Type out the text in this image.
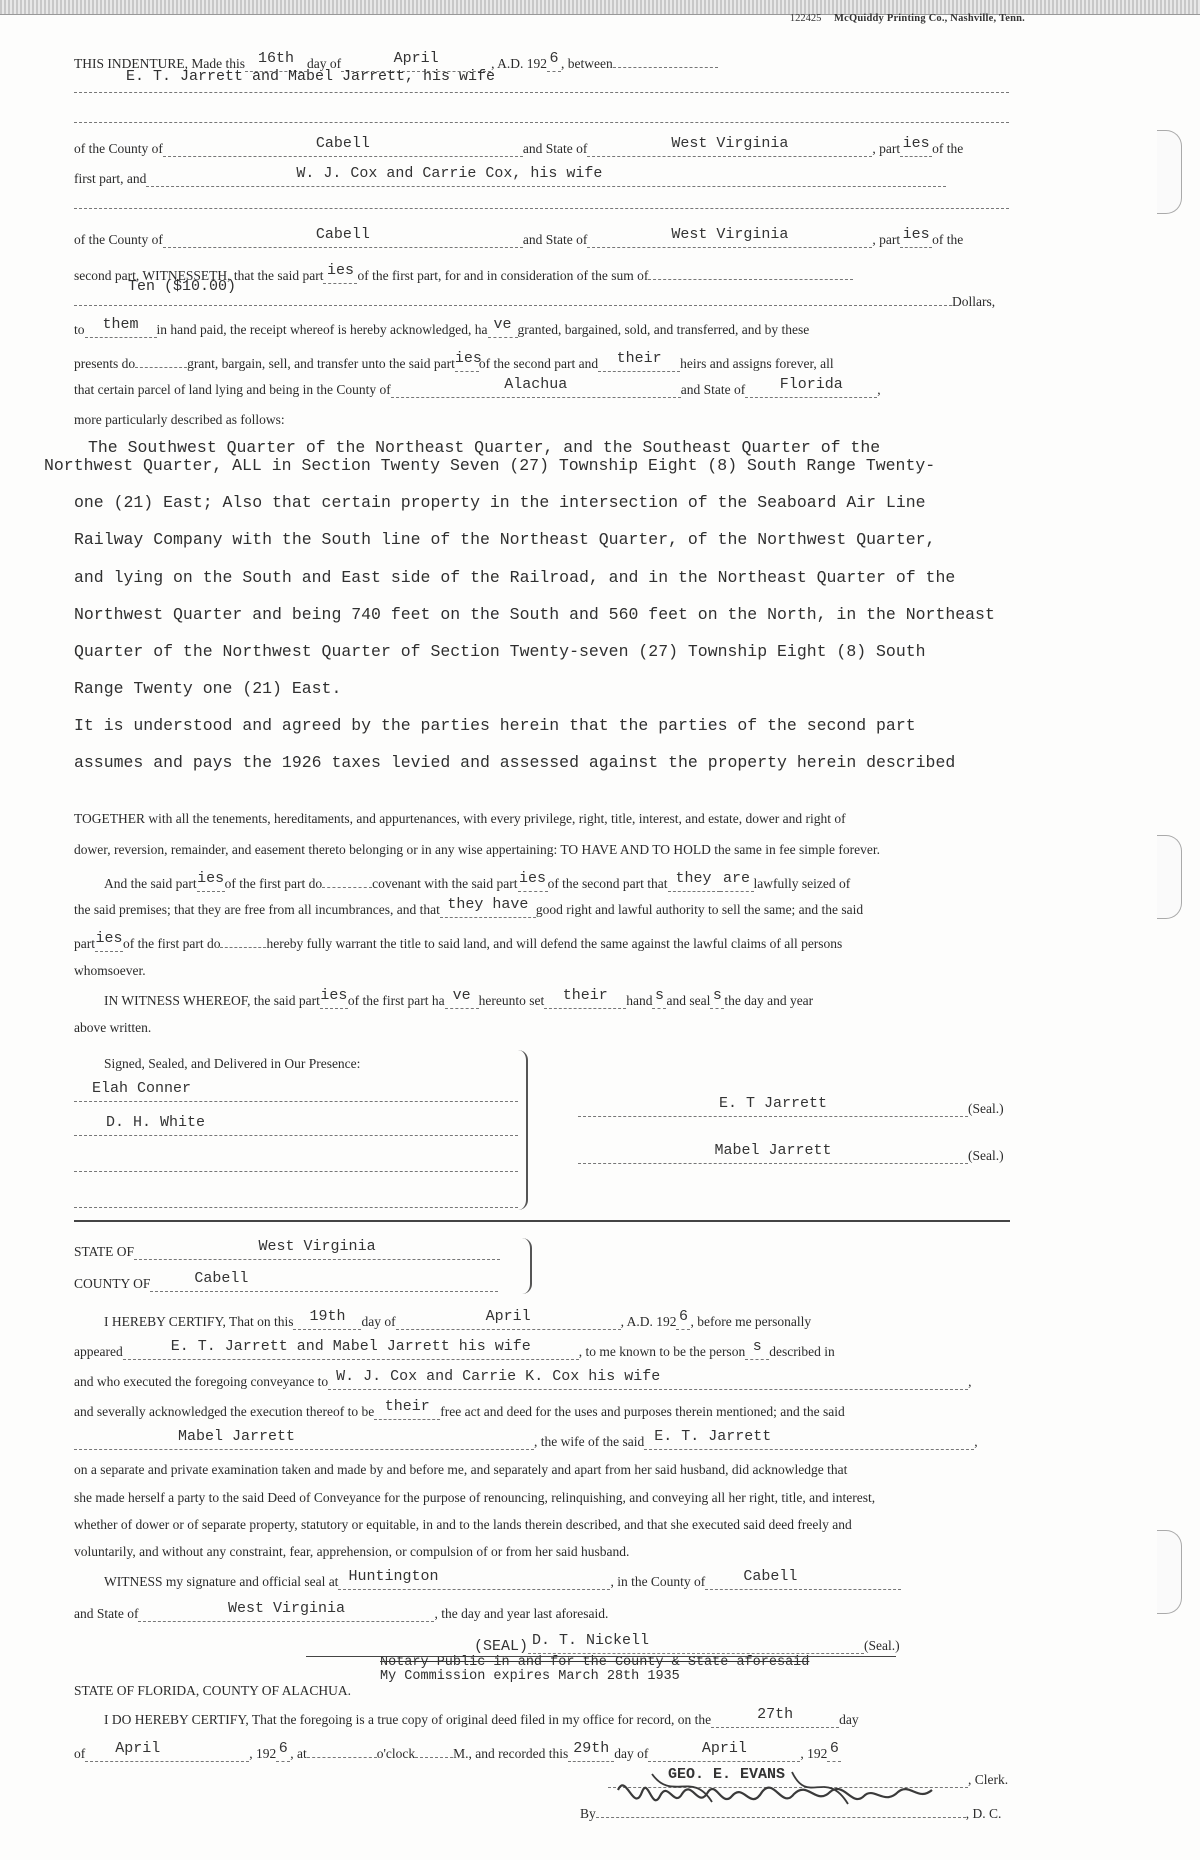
122425 McQuiddy Printing Co., Nashville, Tenn.
THIS INDENTURE, Made this 16th day of	April	, A.D. 192 6 , between
E. T. Jarrett and Mabel Jarrett, his wife
of the County of	Cabell	and State of	West Virginia	, part ies of the
first part, and	W. J. Cox and Carrie Cox, his wife
of the County of	Cabell	and State of	West Virginia	, part ies of the
second part, WITNESSETH, that the said part ies of the first part, for and in consideration of the sum of
Ten ($10.00)
Dollars,
to them in hand paid, the receipt whereof is hereby acknowledged, ha ve granted, bargained, sold, and transferred, and by these
presents do	grant, bargain, sell, and transfer unto the said partiesof the second part and their heirs and assigns forever, all
that certain parcel of land lying and being in the County of	Alachua	and State of Florida	,
more particularly described as follows:
The Southwest Quarter of the Northeast Quarter, and the Southeast Quarter of the
Northwest Quarter, ALL in Section Twenty Seven (27) Township Eight (8) South Range Twenty-
one (21) East; Also that certain property in the intersection of the Seaboard Air Line
Railway Company with the South line of the Northeast Quarter, of the Northwest Quarter,
and lying on the South and East side of the Railroad, and in the Northeast Quarter of the
Northwest Quarter and being 740 feet on the South and 560 feet on the North, in the Northeast
Quarter of the Northwest Quarter of Section Twenty-seven (27) Township Eight (8) South
Range Twenty one (21) East.
It is understood and agreed by the parties herein that the parties of the second part
assumes and pays the 1926 taxes levied and assessed against the property herein described
TOGETHER with all the tenements, hereditaments, and appurtenances, with every privilege, right, title, interest, and estate, dower and right of
dower, reversion, remainder, and easement thereto belonging or in any wise appertaining: TO HAVE AND TO HOLD the same in fee simple forever.
And the said partiesof the first part do	covenant with the said parties of the second part that they are lawfully seized of
the said premises; that they are free from all incumbrances, and that they have good right and lawful authority to sell the same; and the said
partiesof the first part do	hereby fully warrant the title to said land, and will defend the same against the lawful claims of all persons
whomsoever.
IN WITNESS WHEREOF, the said partiesof the first part ha ve hereunto set their hand s and seal s the day and year
above written.
Signed, Sealed, and Delivered in Our Presence:
Elah Conner
D. H. White
E. T Jarrett	(Seal.)
Mabel Jarrett	(Seal.)
STATE OF	West Virginia
COUNTY OF	Cabell
I HEREBY CERTIFY, That on this 19th day of	April	, A.D. 192 6 , before me personally
appeared	E. T. Jarrett and Mabel Jarrett his wife	, to me known to be the person s described in
and who executed the foregoing conveyance to W. J. Cox and Carrie K. Cox his wife	,
and severally acknowledged the execution thereof to be their free act and deed for the uses and purposes therein mentioned; and the said
Mabel Jarrett	, the wife of the said E. T. Jarrett	,
on a separate and private examination taken and made by and before me, and separately and apart from her said husband, did acknowledge that
she made herself a party to the said Deed of Conveyance for the purpose of renouncing, relinquishing, and conveying all her right, title, and interest,
whether of dower or of separate property, statutory or equitable, in and to the lands therein described, and that she executed said deed freely and
voluntarily, and without any constraint, fear, apprehension, or compulsion of or from her said husband.
WITNESS my signature and official seal at Huntington	, in the County of	Cabell
and State of	West Virginia	, the day and year last aforesaid.
(SEAL) D. T. Nickell	(Seal.)
Notary Public in and for the County & State aforesaid
My Commission expires March 28th 1935
STATE OF FLORIDA, COUNTY OF ALACHUA.
I DO HEREBY CERTIFY, That the foregoing is a true copy of original deed filed in my office for record, on the	27th	day
of April	, 192 6 , at	o'clock	M., and recorded this 29th day of	April	, 192 6
GEO. E. EVANS	, Clerk.
By	, D. C.
